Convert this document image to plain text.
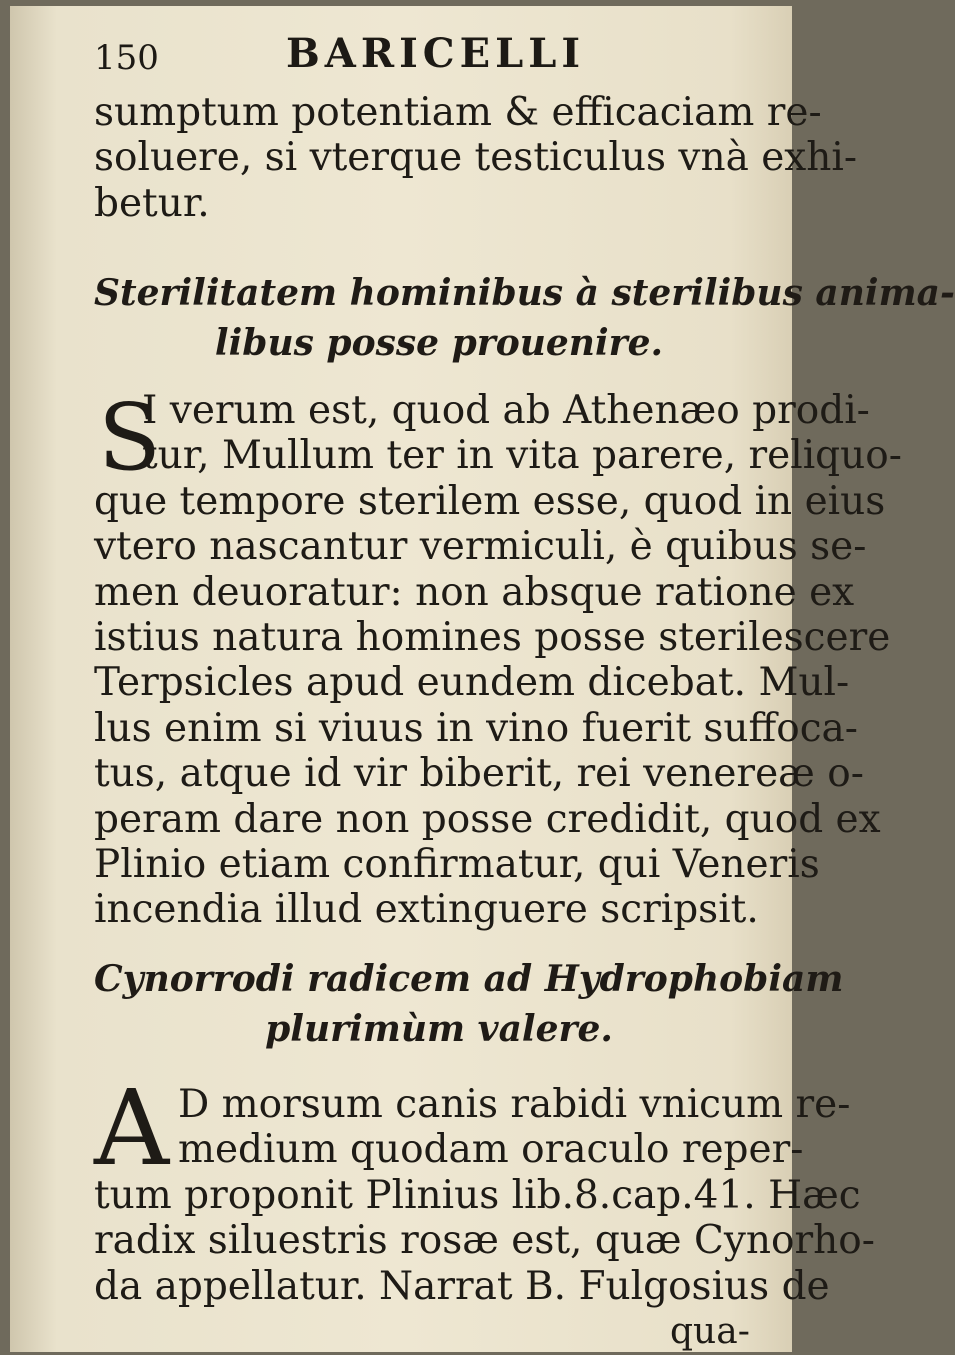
150	BARICELLI

sumptum potentiam & efficaciam re-
soluere, si vterque testiculus vnà exhi-
betur.

Sterilitatem hominibus à sterilibus anima-
libus posse prouenire.
S

I verum est, quod ab Athenæo prodi-
tur, Mullum ter in vita parere, reliquo-
que tempore sterilem esse, quod in eius
vtero nascantur vermiculi, è quibus se-
men deuoratur: non absque ratione ex
istius natura homines posse sterilescere
Terpsicles apud eundem dicebat. Mul-
lus enim si viuus in vino fuerit suffoca-
tus, atque id vir biberit, rei venereæ o-
peram dare non posse credidit, quod ex
Plinio etiam confirmatur, qui Veneris
incendia illud extinguere scripsit.

Cynorrodi radicem ad Hydrophobiam
plurimùm valere.
A D morsum canis rabidi vnicum re-
medium quodam oraculo reper-
tum proponit Plinius lib.8.cap.41. Hæc
radix siluestris rosæ est, quæ Cynorho-
da appellatur. Narrat B. Fulgosius de

qua-
